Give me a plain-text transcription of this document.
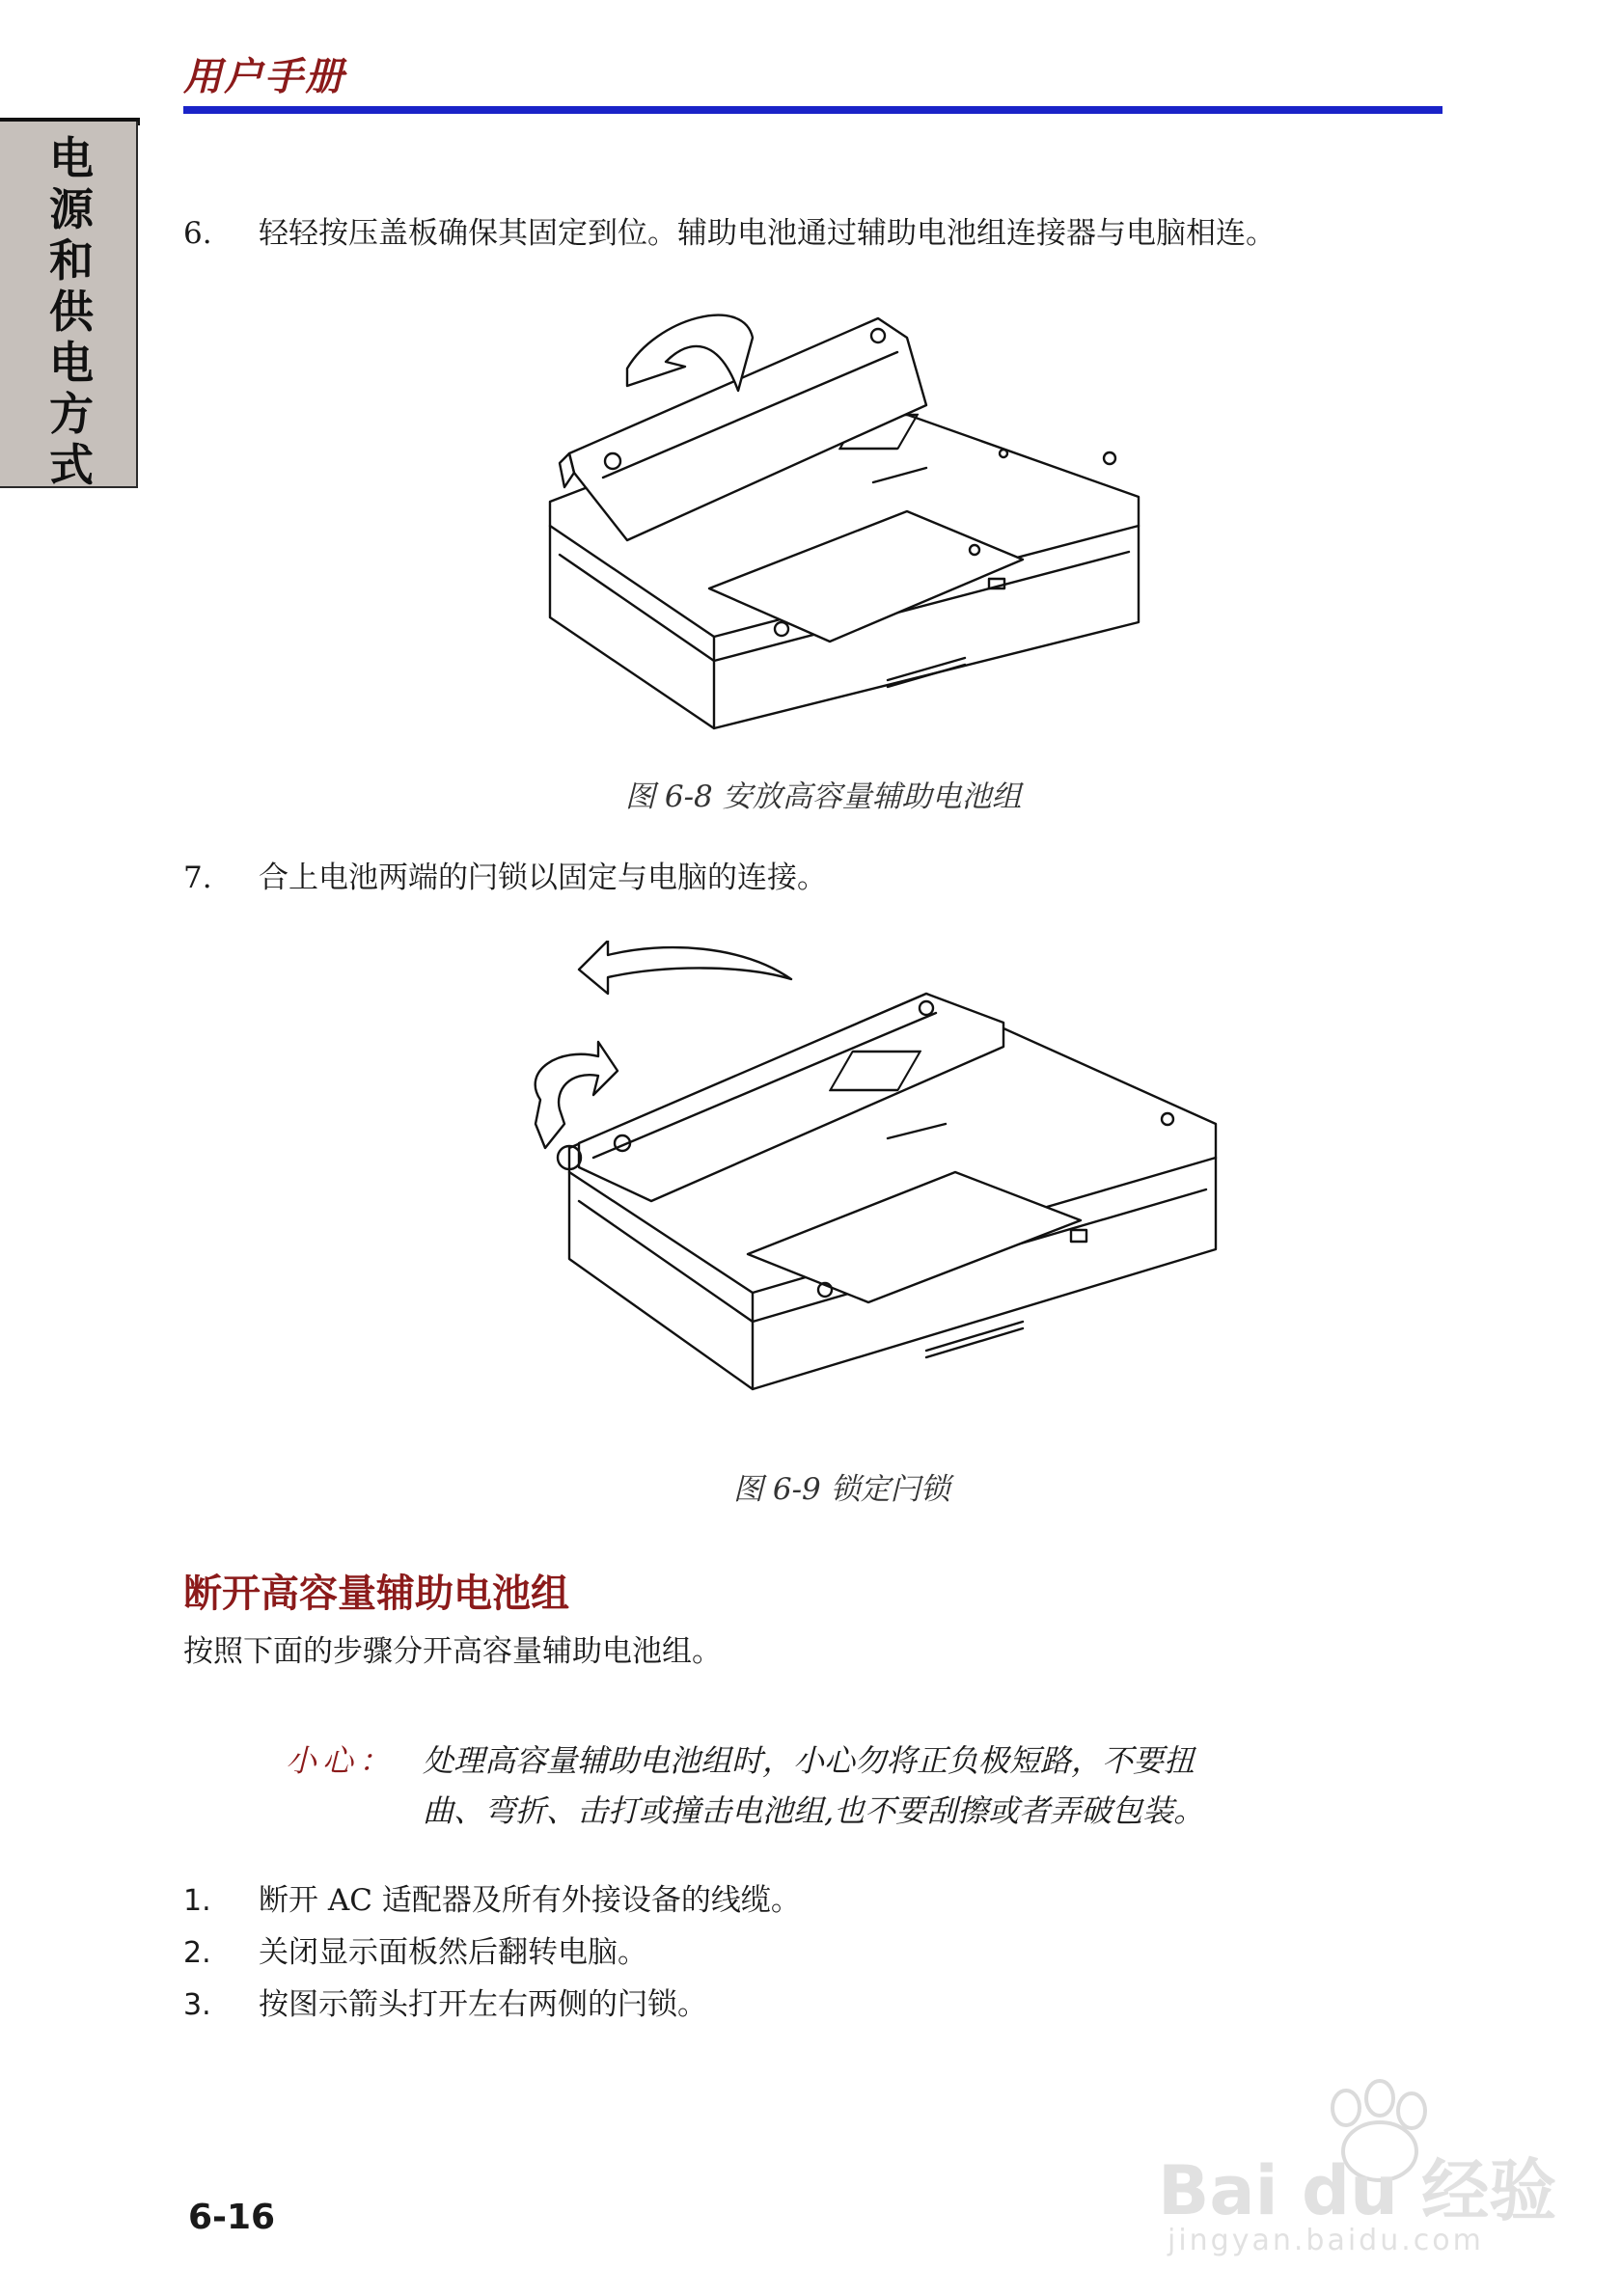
用户手册
电源和供电方式
6. 轻轻按压盖板确保其固定到位。辅助电池通过辅助电池组连接器与电脑相连。
图 6-8 安放高容量辅助电池组
7. 合上电池两端的闩锁以固定与电脑的连接。
图 6-9 锁定闩锁
断开高容量辅助电池组
按照下面的步骤分开高容量辅助电池组。
小心： 处理高容量辅助电池组时，小心勿将正负极短路，不要扭
曲、弯折、击打或撞击电池组,也不要刮擦或者弄破包装。
1. 断开 AC 适配器及所有外接设备的线缆。
2. 关闭显示面板然后翻转电脑。
3. 按图示箭头打开左右两侧的闩锁。
6-16	Bai du 经验
jingyan.baidu.com
